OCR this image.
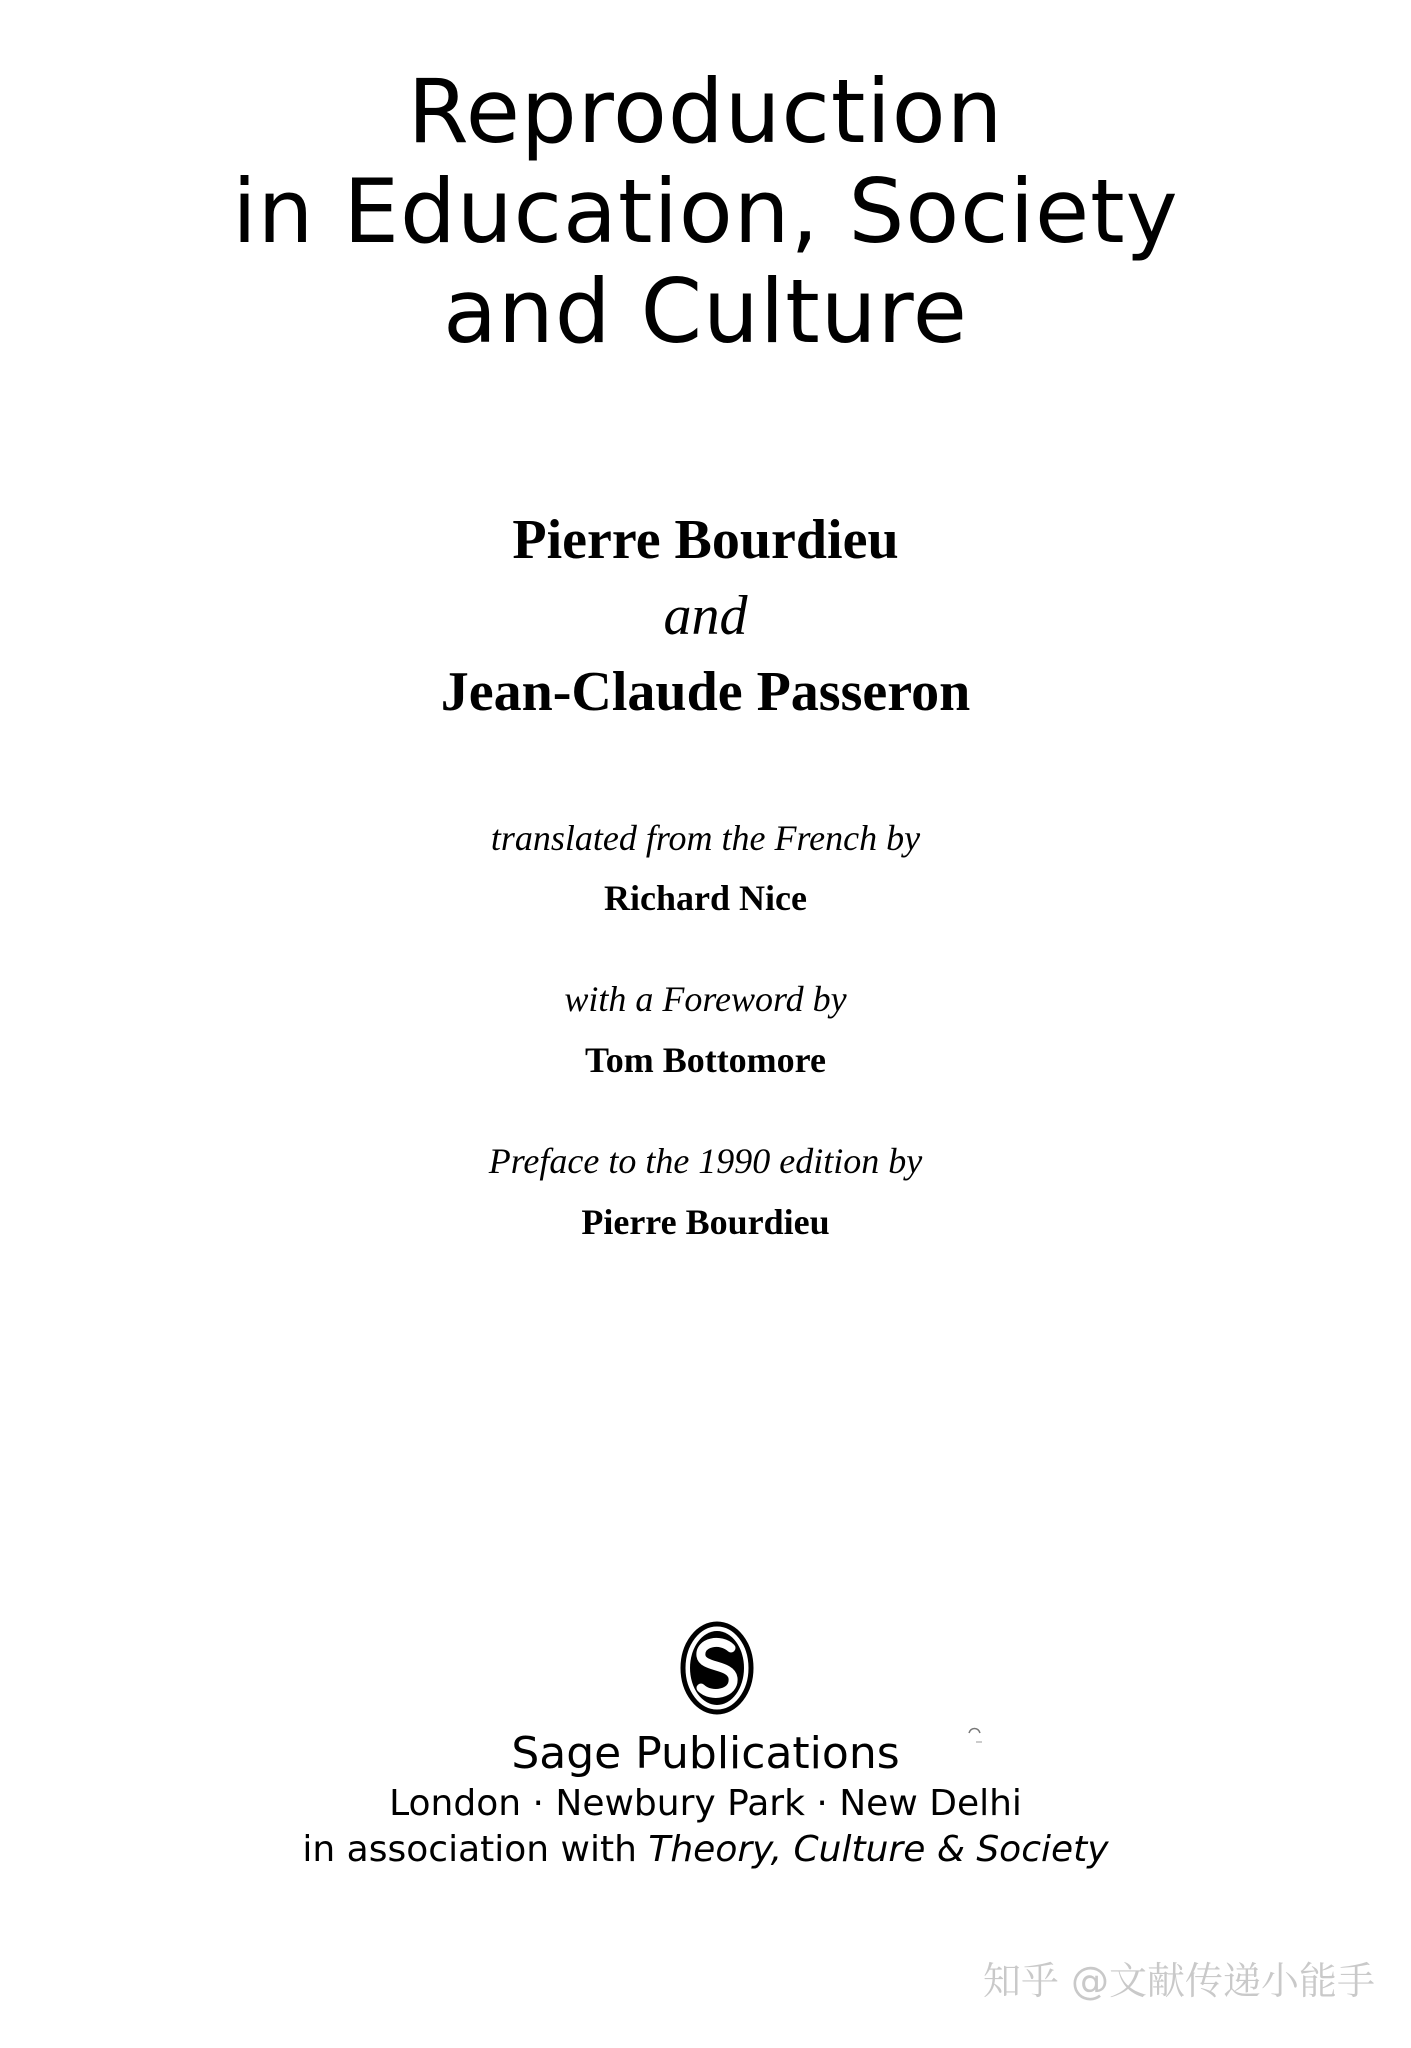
Reproduction
in Education, Society
and Culture
Pierre Bourdieu
and
Jean-Claude Passeron
translated from the French by
Richard Nice
with a Foreword by
Tom Bottomore
Preface to the 1990 edition by
Pierre Bourdieu
Sage Publications
London · Newbury Park · New Delhi
in association with Theory, Culture & Society
知乎 @文献传递小能手
